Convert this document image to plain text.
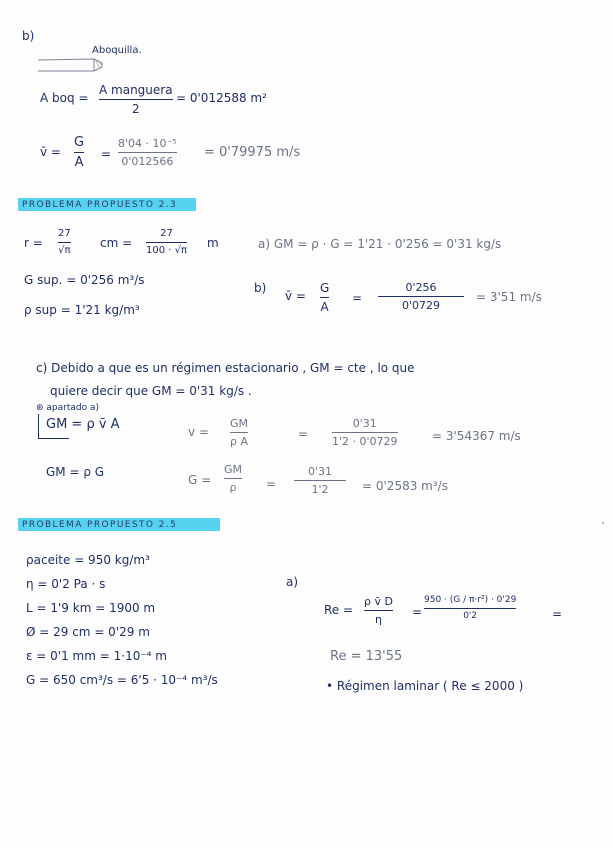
b)
Aboquilla.
A boq =
A manguera
2
= 0'012588 m²
v̄ =
G
A
=
8'04 · 10⁻⁵
0'012566
= 0'79975 m/s
PROBLEMA PROPUESTO 2.3
r =
27
√π
cm =
27
100 · √π
m	a) GM = ρ · G = 1'21 · 0'256 = 0'31 kg/s
G sup. = 0'256 m³/s
ρ sup = 1'21 kg/m³
b)
v̄ =
G
A
=
0'256
0'0729
= 3'51 m/s
c) Debido a que es un régimen estacionario , GM = cte , lo que
quiere decir que GM = 0'31 kg/s .
⊛ apartado a)
GM = ρ v̄ A	v =
GM
ρ A
=
0'31
1'2 · 0'0729	= 3'54367 m/s
GM = ρ G
G =
GM
ρ =
0'31
1'2	= 0'2583 m³/s
PROBLEMA PROPUESTO 2.5
ρaceite = 950 kg/m³
η = 0'2 Pa · s
L = 1'9 km = 1900 m
Ø = 29 cm = 0'29 m
ε = 0'1 mm = 1·10⁻⁴ m
G = 650 cm³/s = 6'5 · 10⁻⁴ m³/s
a)
Re =
ρ v̄ D
η
=
950 · (G / π·r²) · 0'29
0'2	=
Re = 13'55
• Régimen laminar ( Re ≤ 2000 )
